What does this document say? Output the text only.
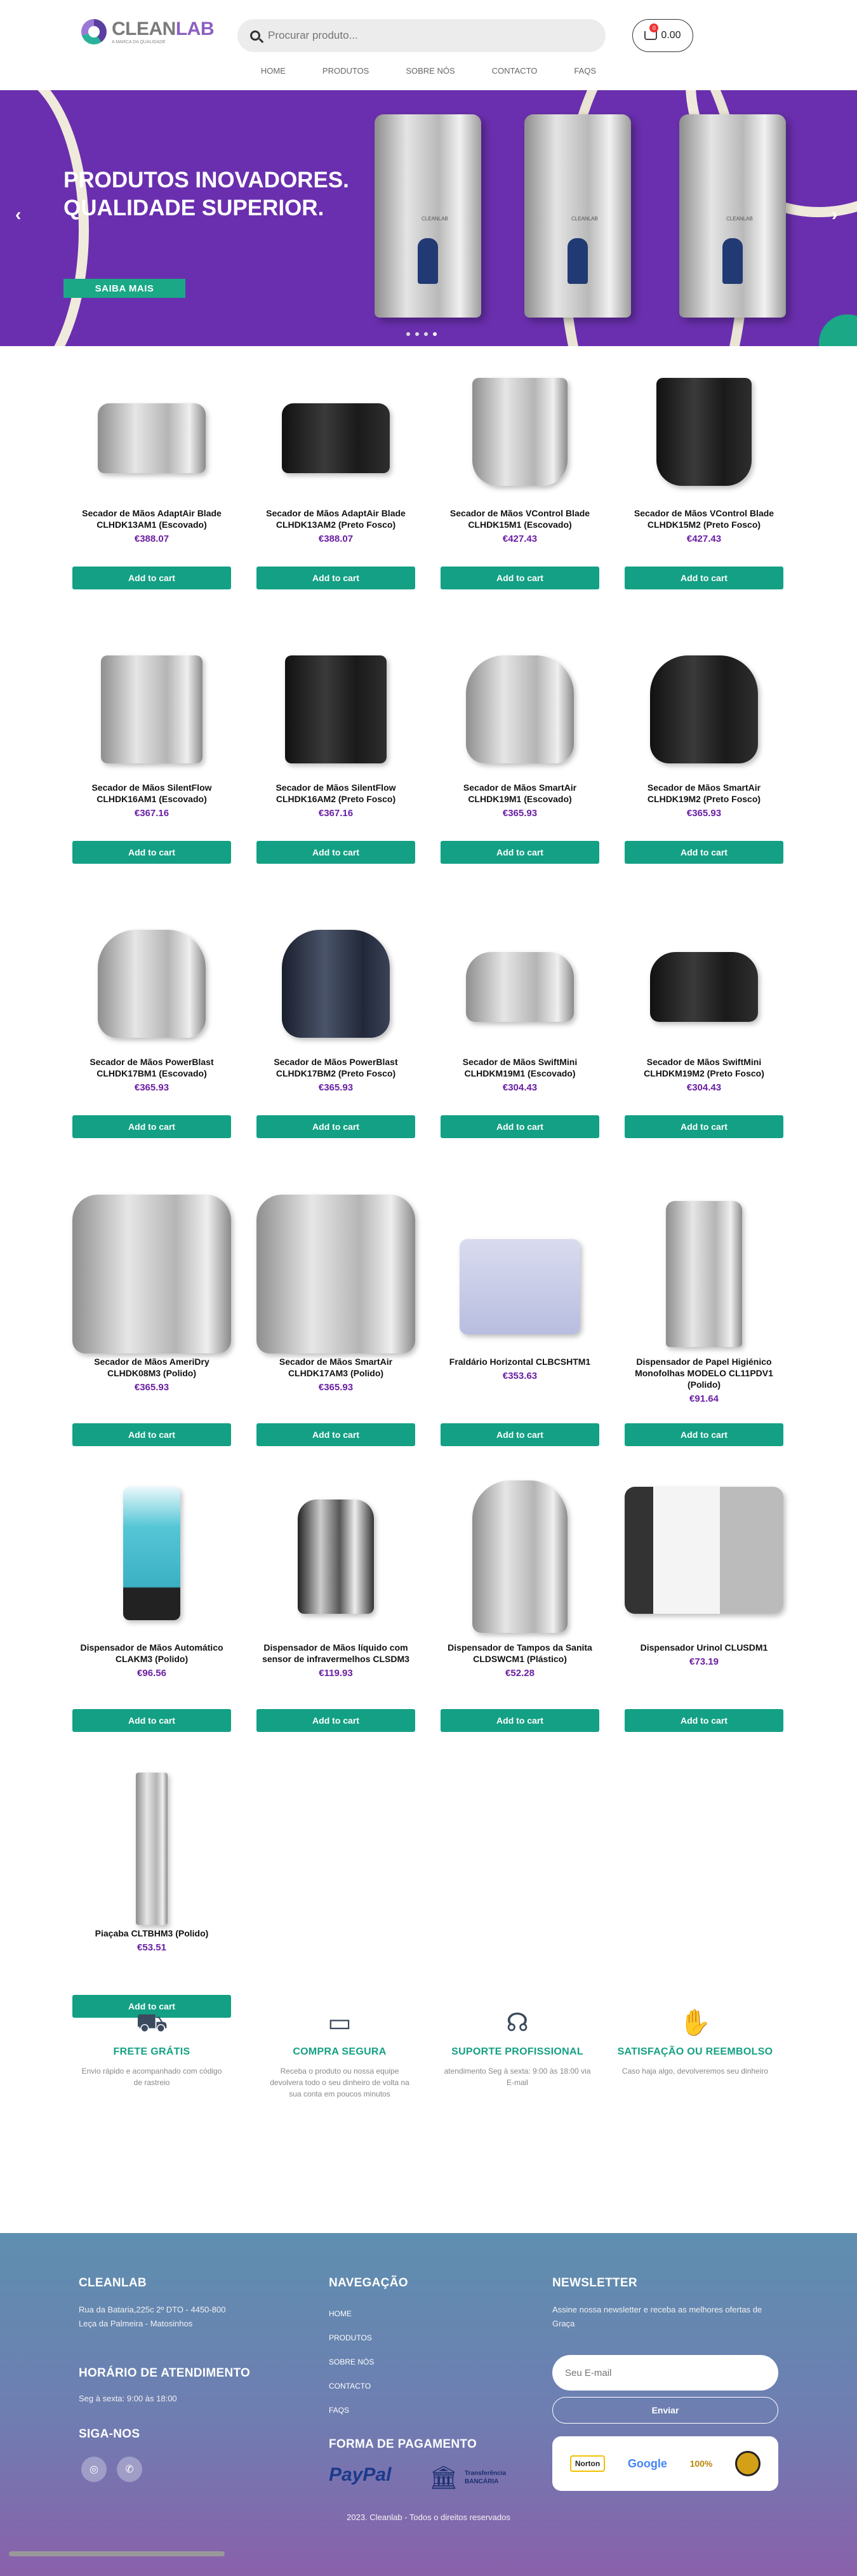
CLEANLAB
A MARCA DA QUALIDADE
Procurar produto...
0
0.00
HOME	PRODUTOS	SOBRE NÓS	CONTACTO	FAQS
CLEANLAB	CLEANLAB	CLEANLAB
PRODUTOS INOVADORES.
QUALIDADE SUPERIOR.
SAIBA MAIS
‹	›
Secador de Mãos AdaptAir Blade CLHDK13AM1 (Escovado)
€388.07
Add to cart
Secador de Mãos AdaptAir Blade CLHDK13AM2 (Preto Fosco)
€388.07
Add to cart
Secador de Mãos VControl Blade CLHDK15M1 (Escovado)
€427.43
Add to cart
Secador de Mãos VControl Blade CLHDK15M2 (Preto Fosco)
€427.43
Add to cart
Secador de Mãos SilentFlow CLHDK16AM1 (Escovado)
€367.16
Add to cart
Secador de Mãos SilentFlow CLHDK16AM2 (Preto Fosco)
€367.16
Add to cart
Secador de Mãos SmartAir CLHDK19M1 (Escovado)
€365.93
Add to cart
Secador de Mãos SmartAir CLHDK19M2 (Preto Fosco)
€365.93
Add to cart
Secador de Mãos PowerBlast CLHDK17BM1 (Escovado)
€365.93
Add to cart
Secador de Mãos PowerBlast CLHDK17BM2 (Preto Fosco)
€365.93
Add to cart
Secador de Mãos SwiftMini CLHDKM19M1 (Escovado)
€304.43
Add to cart
Secador de Mãos SwiftMini CLHDKM19M2 (Preto Fosco)
€304.43
Add to cart
Secador de Mãos AmeriDry CLHDK08M3 (Polido)
€365.93
Add to cart
Secador de Mãos SmartAir CLHDK17AM3 (Polido)
€365.93
Add to cart
Fraldário Horizontal CLBCSHTM1
€353.63
Add to cart
Dispensador de Papel Higiénico Monofolhas MODELO CL11PDV1 (Polido)
€91.64
Add to cart
Dispensador de Mãos Automático CLAKM3 (Polido)
€96.56
Add to cart
Dispensador de Mãos líquido com sensor de infravermelhos CLSDM3
€119.93
Add to cart
Dispensador de Tampos da Sanita CLDSWCM1 (Plástico)
€52.28
Add to cart
Dispensador Urinol CLUSDM1
€73.19
Add to cart
Piaçaba CLTBHM3 (Polido)
€53.51
Add to cart
⛟
FRETE GRÁTIS
Envio rápido e acompanhado com código de rastreio
▭
COMPRA SEGURA
Receba o produto ou nossa equipe devolvera todo o seu dinheiro de volta na sua conta em poucos minutos
☊
SUPORTE PROFISSIONAL
atendimento Seg à sexta: 9:00 às 18:00 via E-mail
✋
SATISFAÇÃO OU REEMBOLSO
Caso haja algo, devolveremos seu dinheiro
CLEANLAB
Rua da Bataria,225c 2º DTO - 4450-800 Leça da Palmeira - Matosinhos
HORÁRIO DE ATENDIMENTO
Seg à sexta: 9:00 às 18:00
SIGA-NOS
◎	✆
NAVEGAÇÃO
HOME
PRODUTOS
SOBRE NÓS
CONTACTO
FAQS
FORMA DE PAGAMENTO
PayPal 🏛	Transferência BANCÁRIA
NEWSLETTER
Assine nossa newsletter e receba as melhores ofertas de Graça
Seu E-mail
Enviar
Norton	Google	100%
2023. Cleanlab - Todos o direitos reservados
